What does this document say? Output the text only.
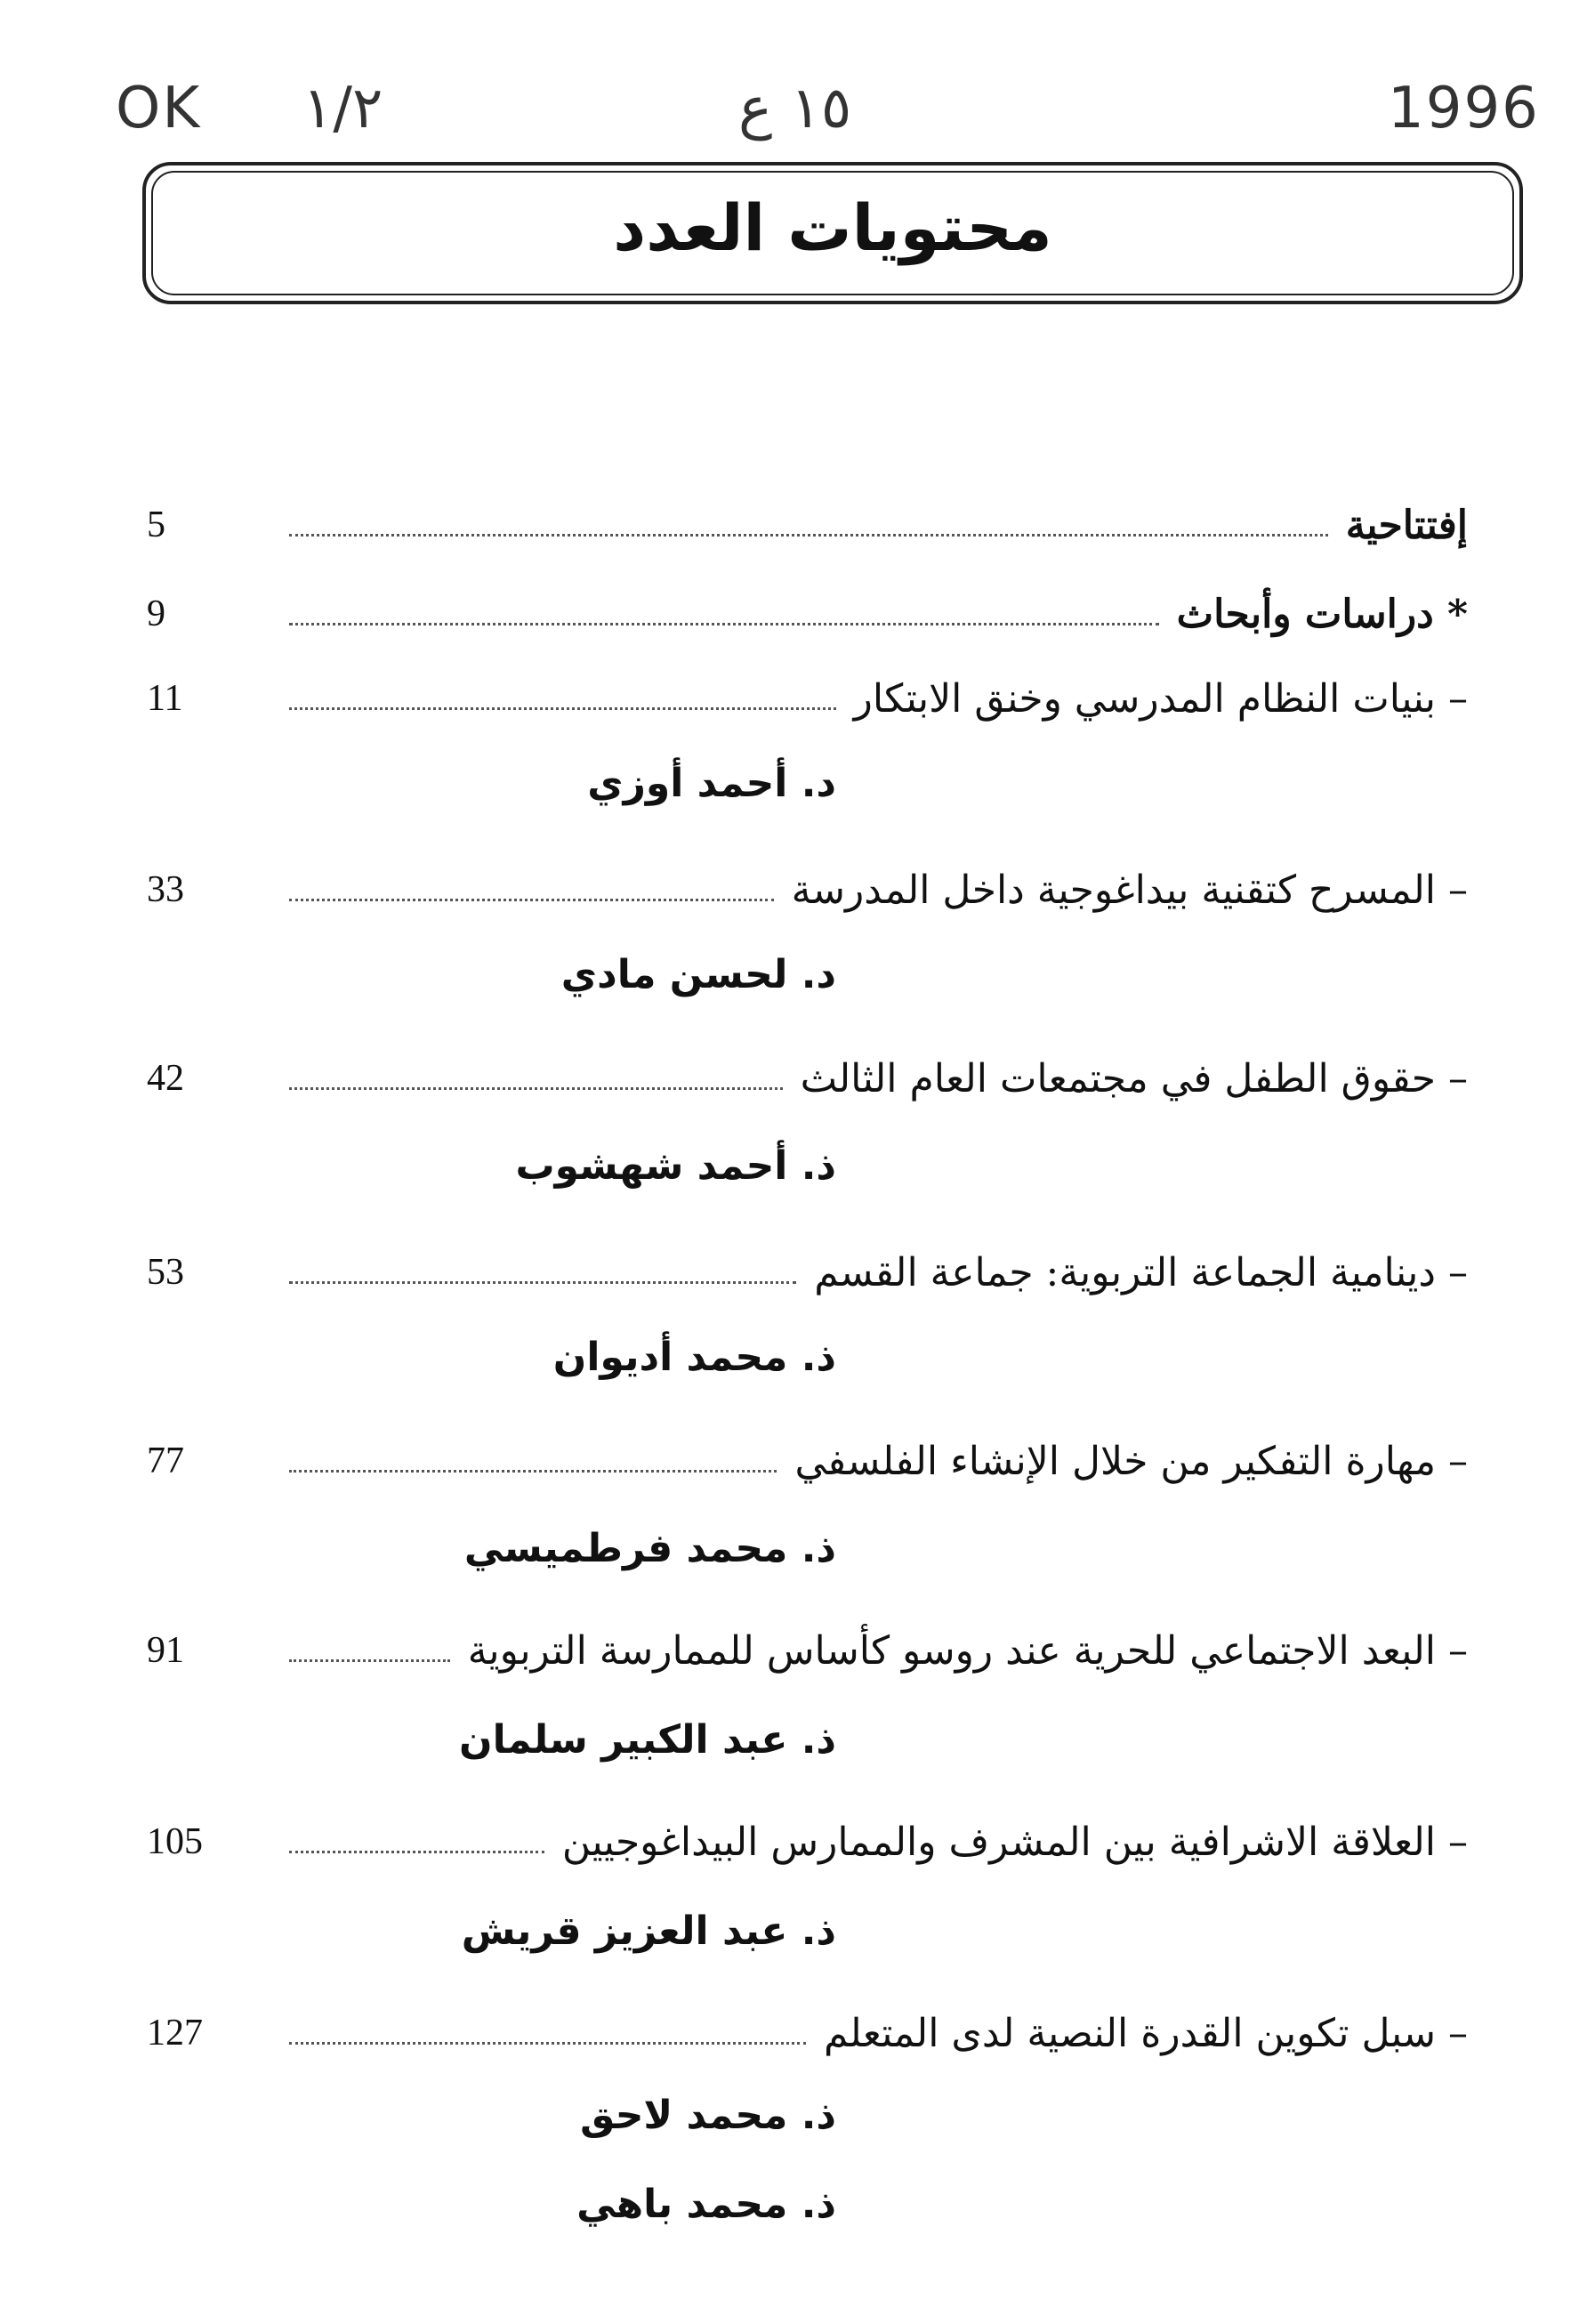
1996
١٥ ع
١/٢
OK
محتويات العدد
إفتتاحية
5
* دراسات وأبحاث
9
– بنيات النظام المدرسي وخنق الابتكار
11
د. أحمد أوزي
– المسرح كتقنية بيداغوجية داخل المدرسة
33
د. لحسن مادي
– حقوق الطفل في مجتمعات العام الثالث
42
ذ. أحمد شهشوب
– دينامية الجماعة التربوية: جماعة القسم
53
ذ. محمد أديوان
– مهارة التفكير من خلال الإنشاء الفلسفي
77
ذ. محمد فرطميسي
– البعد الاجتماعي للحرية عند روسو كأساس للممارسة التربوية
91
ذ. عبد الكبير سلمان
– العلاقة الاشرافية بين المشرف والممارس البيداغوجيين
105
ذ. عبد العزيز قريش
– سبل تكوين القدرة النصية لدى المتعلم
127
ذ. محمد لاحق
ذ. محمد باهي
